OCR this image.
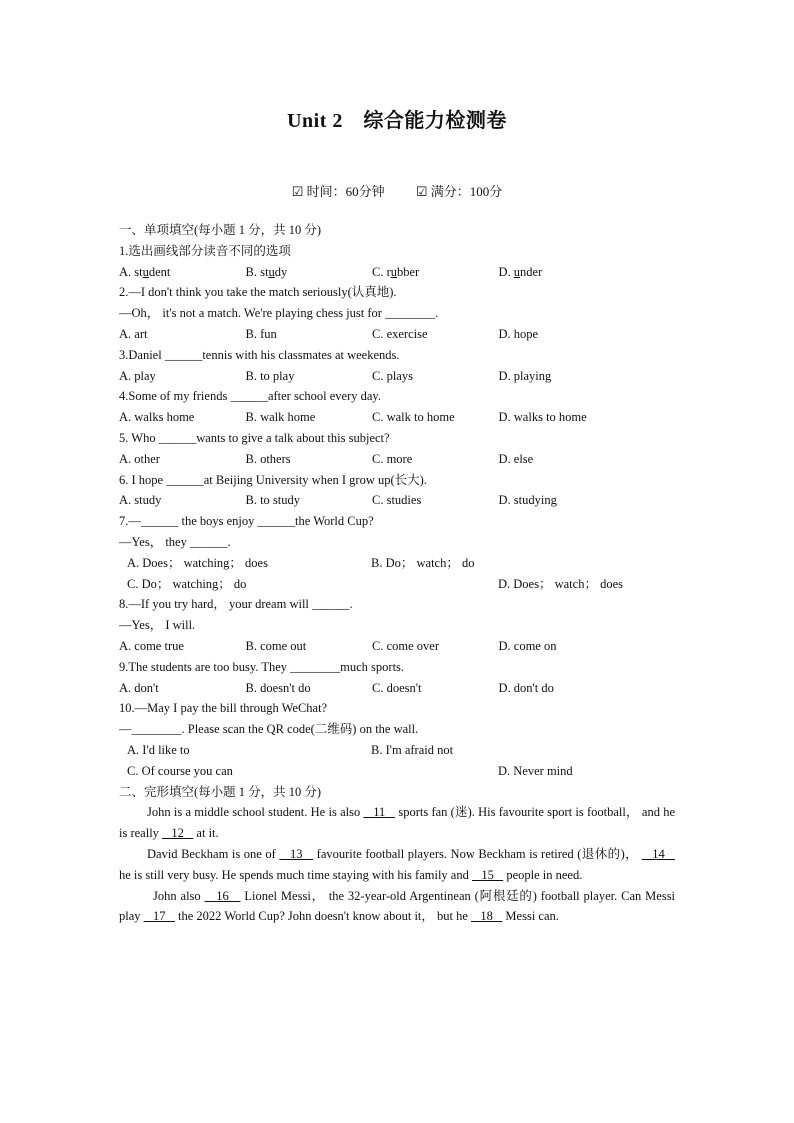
Unit 2　综合能力检测卷
☑ 时间：60分钟 ☑ 满分：100分
一、单项填空(每小题 1 分，共 10 分)
1.选出画线部分读音不同的选项
A. student	B. study	C. rubber	D. under
2.—I don't think you take the match seriously(认真地).
—Oh， it's not a match. We're playing chess just for ________.
A. art	B. fun	C. exercise	D. hope
3.Daniel ______tennis with his classmates at weekends.
A. play	B. to play	C. plays	D. playing
4.Some of my friends ______after school every day.
A. walks home	B. walk home	C. walk to home	D. walks to home
5. Who ______wants to give a talk about this subject?
A. other	B. others	C. more	D. else
6. I hope ______at Beijing University when I grow up(长大).
A. study	B. to study	C. studies	D. studying
7.—______ the boys enjoy ______the World Cup?
—Yes， they ______.
A. Does； watching； does	B. Do； watch； do
C. Do； watching； do	D. Does； watch； does
8.—If you try hard， your dream will ______.
—Yes， I will.
A. come true	B. come out	C. come over	D. come on
9.The students are too busy. They ________much sports.
A. don't	B. doesn't do	C. doesn't	D. don't do
10.—May I pay the bill through WeChat?
—________. Please scan the QR code(二维码) on the wall.
A. I'd like to	B. I'm afraid not
C. Of course you can	D. Never mind
二、完形填空(每小题 1 分，共 10 分)
John is a middle school student. He is also    11    sports fan (迷). His favourite sport is football， and he is really    12    at it.
David Beckham is one of    13    favourite football players. Now Beckham is retired (退休的)，    14    he is still very busy. He spends much time staying with his family and    15    people in need.
John also    16    Lionel Messi， the 32-year-old Argentinean (阿根廷的) football player. Can Messi play    17    the 2022 World Cup? John doesn't know about it， but he    18    Messi can.
